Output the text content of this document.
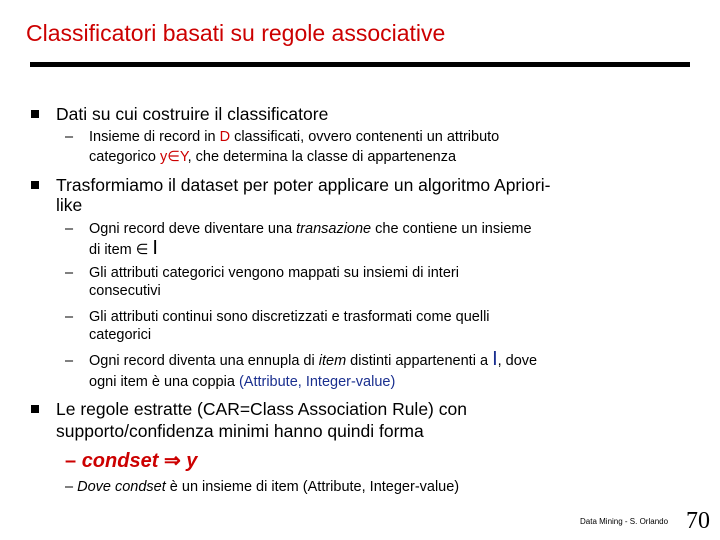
Classificatori basati su regole associative
Dati su cui costruire il classificatore
– Insieme di record in D classificati, ovvero contenenti un attributo
categorico y∈Y, che determina la classe di appartenenza
Trasformiamo il dataset per poter applicare un algoritmo Apriori-
like
– Ogni record deve diventare una transazione che contiene un insieme
di item ∈ I
– Gli attributi categorici vengono mappati su insiemi di interi
consecutivi
– Gli attributi continui sono discretizzati e trasformati come quelli
categorici
– Ogni record diventa una ennupla di item distinti appartenenti a I, dove
ogni item è una coppia (Attribute, Integer-value)
Le regole estratte (CAR=Class Association Rule) con
supporto/confidenza minimi hanno quindi forma
– condset ⇒ y
– Dove condset è un insieme di item (Attribute, Integer-value)
Data Mining - S. Orlando 70
